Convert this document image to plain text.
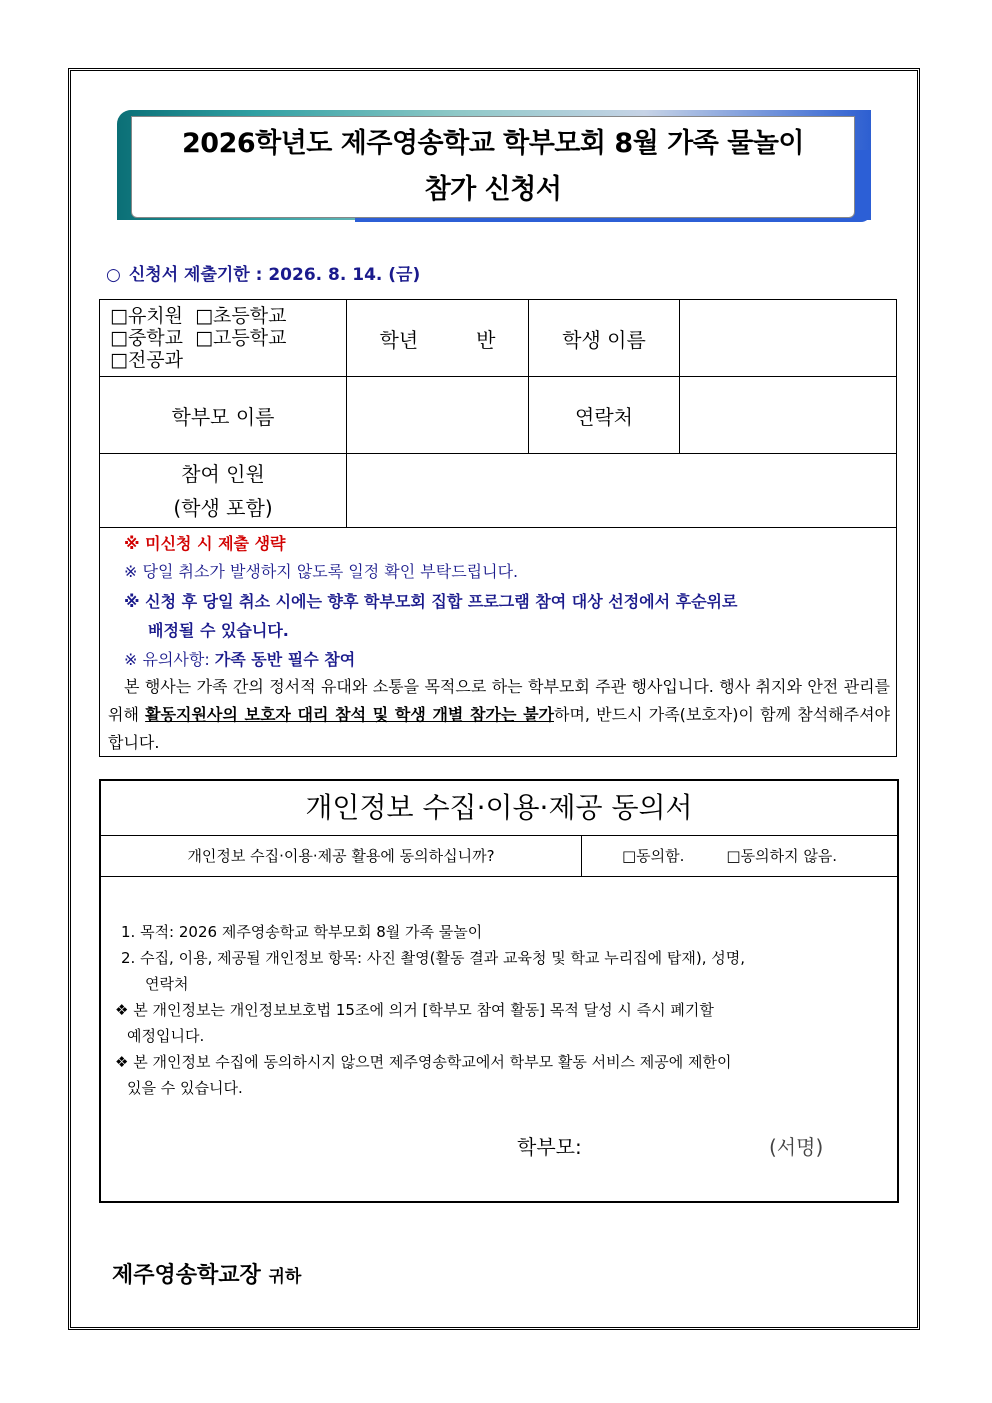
2026학년도 제주영송학교 학부모회 8월 가족 물놀이
참가 신청서
○ 신청서 제출기한 : 2026. 8. 14. (금)
□유치원 □초등학교
□중학교 □고등학교
□전공과	학년 반	학생 이름	
학부모 이름		연락처	

참여 인원
(학생 포함)			

※ 미신청 시 제출 생략
※ 당일 취소가 발생하지 않도록 일정 확인 부탁드립니다.
※ 신청 후 당일 취소 시에는 향후 학부모회 집합 프로그램 참여 대상 선정에서 후순위로
배정될 수 있습니다.
※ 유의사항: 가족 동반 필수 참여
본 행사는 가족 간의 정서적 유대와 소통을 목적으로 하는 학부모회 주관 행사입니다. 행사 취지와 안전 관리를 위해 활동지원사의 보호자 대리 참석 및 학생 개별 참가는 불가하며, 반드시 가족(보호자)이 함께 참석해주셔야 합니다.
개인정보 수집·이용·제공 동의서
개인정보 수집·이용·제공 활용에 동의하십니까?	□동의함.	□동의하지 않음.
1. 목적: 2026 제주영송학교 학부모회 8월 가족 물놀이
2. 수집, 이용, 제공될 개인정보 항목: 사진 촬영(활동 결과 교육청 및 학교 누리집에 탑재), 성명,
연락처
❖ 본 개인정보는 개인정보보호법 15조에 의거 [학부모 참여 활동] 목적 달성 시 즉시 폐기할
예정입니다.
❖ 본 개인정보 수집에 동의하시지 않으면 제주영송학교에서 학부모 활동 서비스 제공에 제한이
있을 수 있습니다.
학부모:	(서명)
제주영송학교장 귀하
